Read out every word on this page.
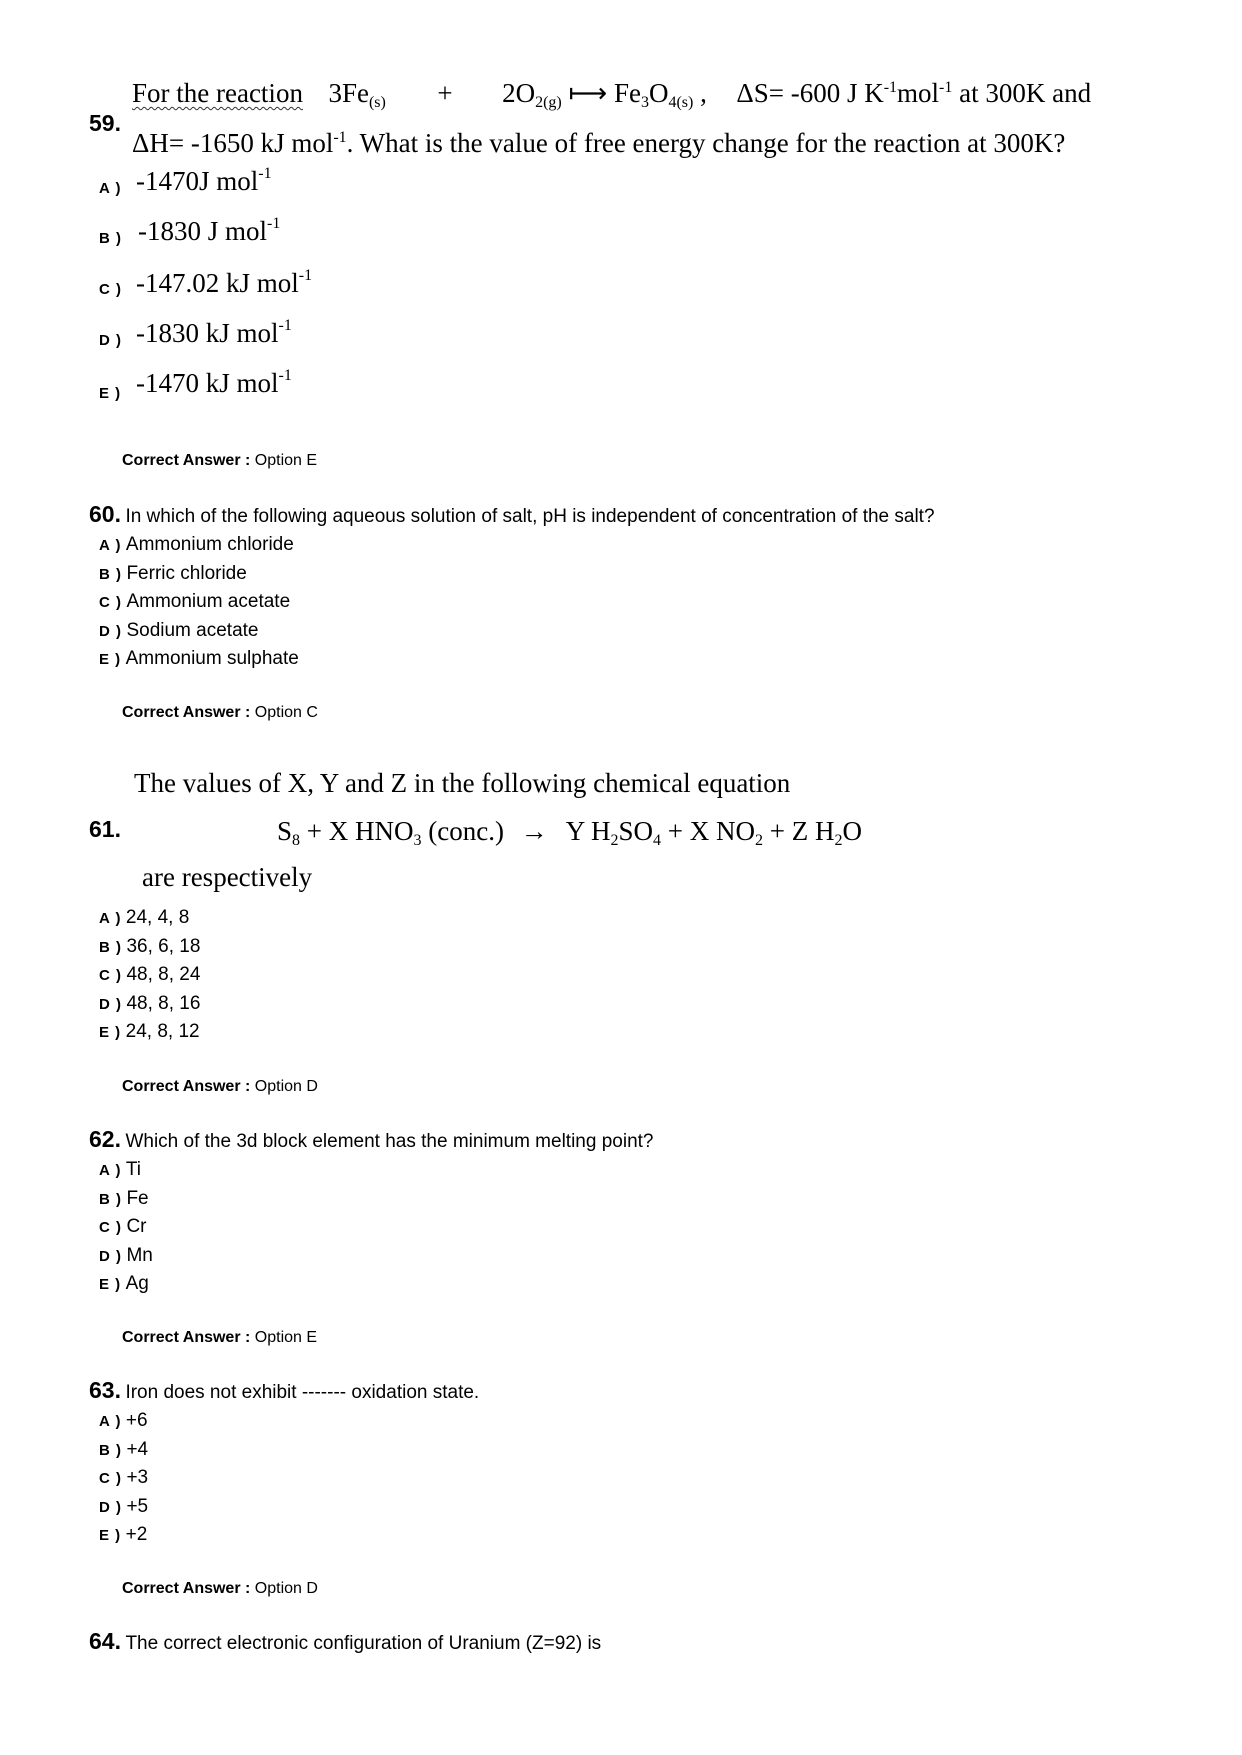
For the reaction $3Fe_{(s)} + 2O_{2(g)}$ ⟼ $Fe_3O_{4(s)}$ , ΔS= -600 J $K^{-1}mol^{-1}$ at 300K and
59.
ΔH= -1650 kJ mol$^{-1}$. What is the value of free energy change for the reaction at 300K?
A ) -1470J mol$^{-1}$
B ) -1830 J mol$^{-1}$
C ) -147.02 kJ mol$^{-1}$
D ) -1830 kJ mol$^{-1}$
E ) -1470 kJ mol$^{-1}$
Correct Answer : Option E
60. In which of the following aqueous solution of salt, pH is independent of concentration of the salt?
A ) Ammonium chloride
B ) Ferric chloride
C ) Ammonium acetate
D ) Sodium acetate
E ) Ammonium sulphate
Correct Answer : Option C
The values of X, Y and Z in the following chemical equation
61.	$S_8 + X$ $HNO_3$ (conc.) → Y $H_2SO_4 + X$ $NO_2 + Z$ $H_2O$
are respectively
A ) 24, 4, 8
B ) 36, 6, 18
C ) 48, 8, 24
D ) 48, 8, 16
E ) 24, 8, 12
Correct Answer : Option D
62. Which of the 3d block element has the minimum melting point?
A ) Ti
B ) Fe
C ) Cr
D ) Mn
E ) Ag
Correct Answer : Option E
63. Iron does not exhibit ------- oxidation state.
A ) +6
B ) +4
C ) +3
D ) +5
E ) +2
Correct Answer : Option D
64. The correct electronic configuration of Uranium (Z=92) is
